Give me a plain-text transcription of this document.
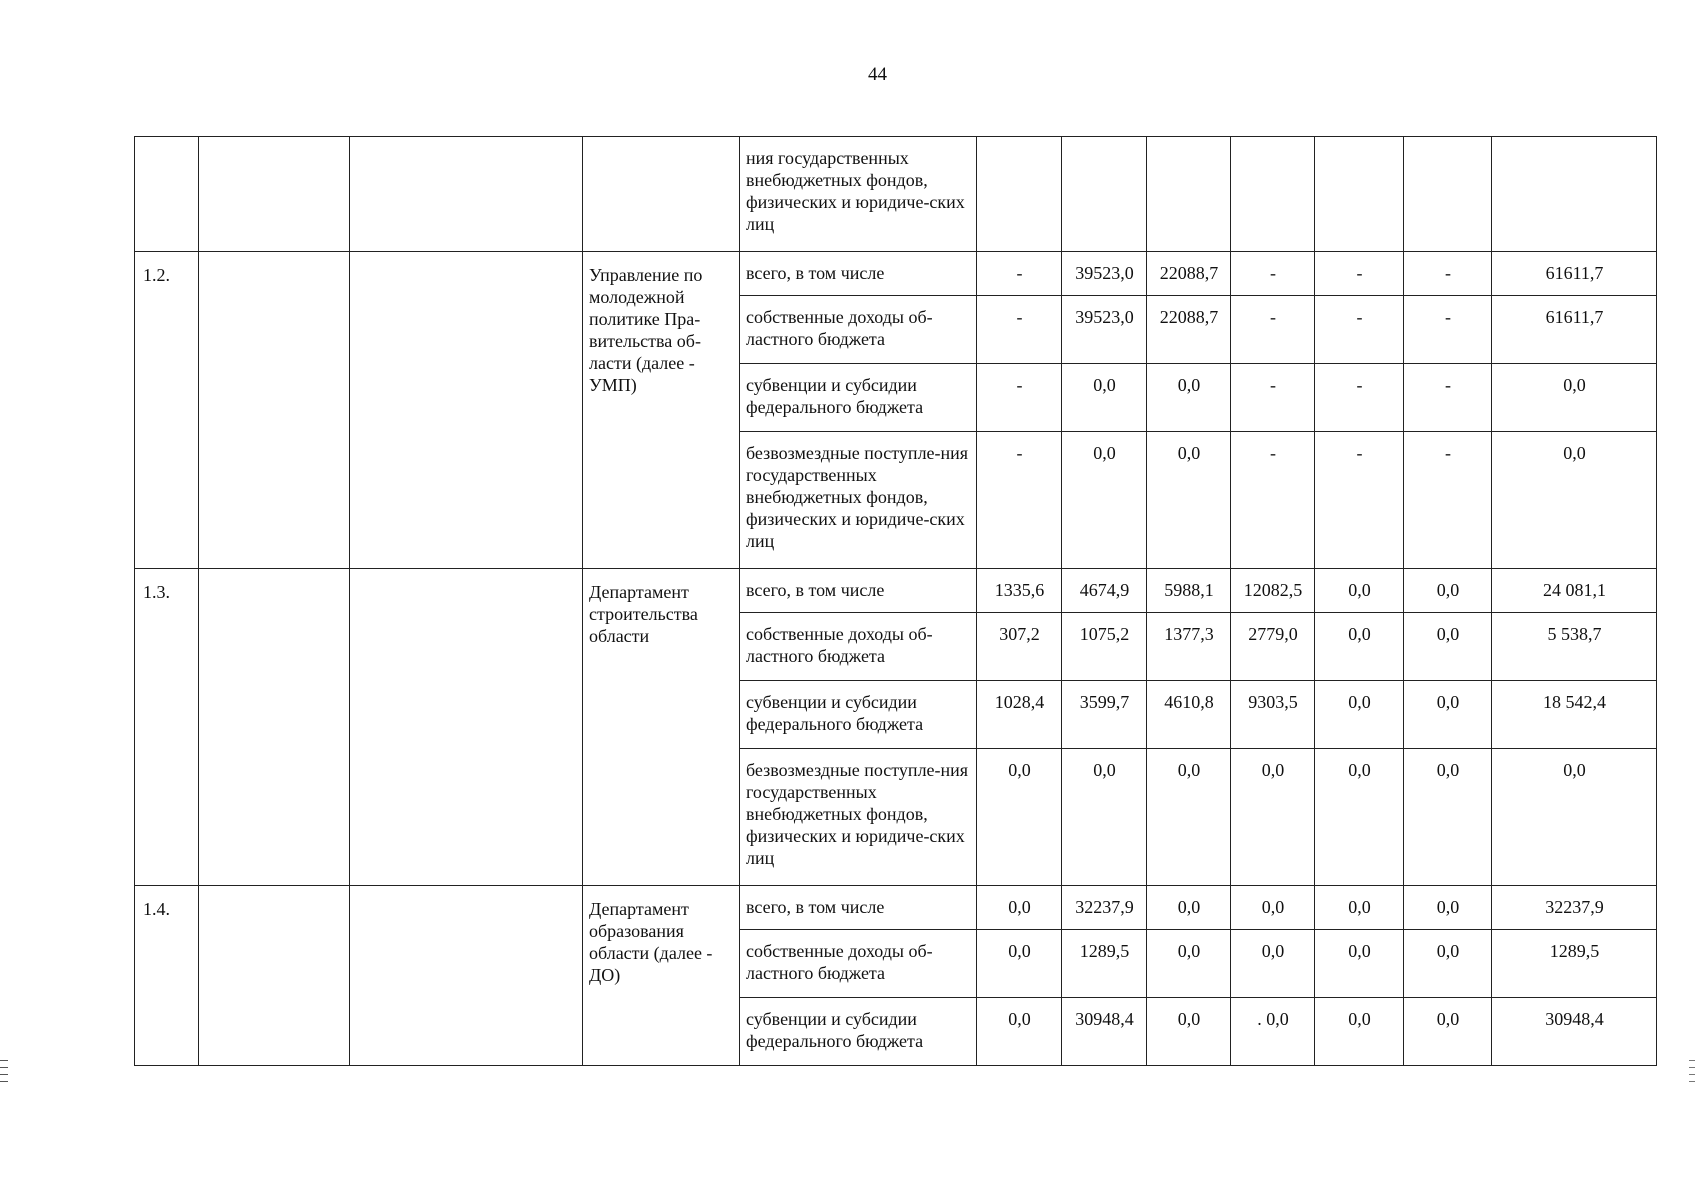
44
				ния государственных внебюджетных фондов, физических и юридиче-ских лиц							
1.2.			Управление по молодежной политике Пра-вительства об-ласти (далее - УМП)	всего, в том числе	-	39523,0	22088,7	-	-	-	61611,7
				собственные доходы об-ластного бюджета	-	39523,0	22088,7	-	-	-	61611,7
				субвенции и субсидии федерального бюджета	-	0,0	0,0	-	-	-	0,0
				безвозмездные поступле-ния государственных внебюджетных фондов, физических и юридиче-ских лиц	-	0,0	0,0	-	-	-	0,0
1.3.			Департамент строительства области	всего, в том числе	1335,6	4674,9	5988,1	12082,5	0,0	0,0	24 081,1
				собственные доходы об-ластного бюджета	307,2	1075,2	1377,3	2779,0	0,0	0,0	5 538,7
				субвенции и субсидии федерального бюджета	1028,4	3599,7	4610,8	9303,5	0,0	0,0	18 542,4
				безвозмездные поступле-ния государственных внебюджетных фондов, физических и юридиче-ских лиц	0,0	0,0	0,0	0,0	0,0	0,0	0,0
1.4.			Департамент образования области (далее - ДО)	всего, в том числе	0,0	32237,9	0,0	0,0	0,0	0,0	32237,9
				собственные доходы об-ластного бюджета	0,0	1289,5	0,0	0,0	0,0	0,0	1289,5
				субвенции и субсидии федерального бюджета	0,0	30948,4	0,0	. 0,0	0,0	0,0	30948,4
